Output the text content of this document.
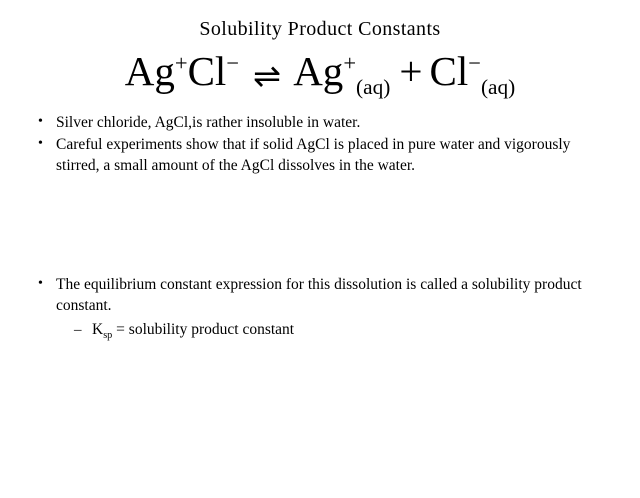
Solubility Product Constants
Ag+Cl− ⇌ $Ag^+_{(aq)} + Cl^-_{(aq)}$
• Silver chloride, AgCl,is rather insoluble in water.
• Careful experiments show that if solid AgCl is placed in pure water and vigorously stirred, a small amount of the AgCl dissolves in the water.
• The equilibrium constant expression for this dissolution is called a solubility product constant.
– $K_{sp}$ = solubility product constant
